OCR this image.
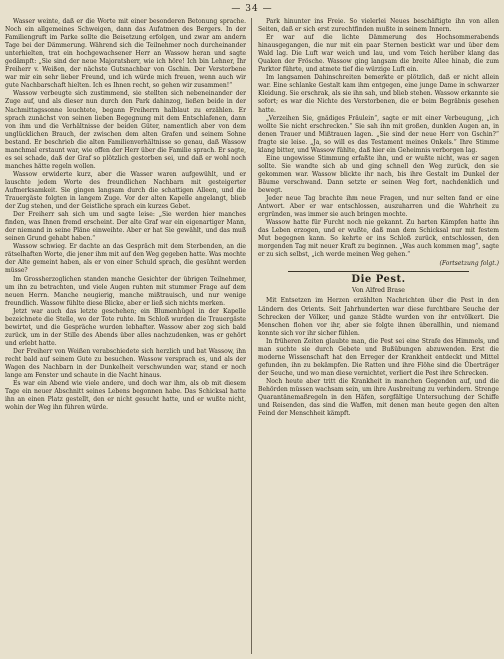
— 34 —

Wasser weinte, daß er die Worte mit einer besonderen Betonung sprache. Noch ein allgemeines Schweigen, dann das Aufatmen des Bergers. In der Familiengruft im Parke sollte die Beisetzung erfolgen, und zwar am andern Tage bei der Dämmerung. Während sich die Teilnehmer noch durcheinander unterhielten, trat ein hochgewachsener Herr an Wassow heran und sagte gedämpft: „Sie sind der neue Majoratsherr, wie ich höre! Ich bin Lehner, Ihr Freiherr v. Weißen, der nächste Gutsnachbar von Gschin. Der Verstorbene war mir ein sehr lieber Freund, und ich würde mich freuen, wenn auch wir gute Nachbarschaft hielten. Ich es Ihnen recht, so gehen wir zusammen!“

Wassow verbeugte sich zustimmend, sie stellten sich nebeneinander der Zuge auf, und als dieser nun durch den Park dahinzog, ließen beide in der Nachmittagssonne leuchtete, begann Freiherrn halblaut zu erzählen. Er sprach zunächst von seinen lieben Begegnung mit dem Entschlafenen, dann von ihm und die Verhältnisse der beiden Güter, namentlich aber von dem unglücklichen Brauch, der zwischen dem alten Grafen und seinem Sohne bestand. Er beschrieb die alten Familienverhältnisse so genau, daß Wassow manchmal erstaunt war, wie offen der Herr über die Familie sprach. Er sagte, es sei schade, daß der Graf so plötzlich gestorben sei, und daß er wohl noch manches hätte regeln wollen.

Wassow erwiderte kurz, aber die Wasser waren aufgewühlt, und er lauschte jedem Worte des freundlichen Nachbarn mit gesteigerter Aufmerksamkeit. Sie gingen langsam durch die schattigen Alleen, und die Trauergäste folgten in langem Zuge. Vor der alten Kapelle angelangt, blieb der Zug stehen, und der Geistliche sprach ein kurzes Gebet.

Der Freiherr sah sich um und sagte leise: „Sie werden hier manches finden, was Ihnen fremd erscheint. Der alte Graf war ein eigenartiger Mann, der niemand in seine Pläne einweihte. Aber er hat Sie gewählt, und das muß seinen Grund gehabt haben.“

Wassow schwieg. Er dachte an das Gespräch mit dem Sterbenden, an die rätselhaften Worte, die jener ihm mit auf den Weg gegeben hatte. Was mochte der Alte gemeint haben, als er von einer Schuld sprach, die gesühnt werden müsse?

Im Grossherzoglichen standen manche Gesichter der übrigen Teilnehmer, um ihn zu betrachten, und viele Augen ruhten mit stummer Frage auf dem neuen Herrn. Manche neugierig, manche mißtrauisch, und nur wenige freundlich. Wassow fühlte diese Blicke, aber er ließ sich nichts merken.

Jetzt war auch das letzte geschehen; ein Blumenhügel in der Kapelle bezeichnete die Stelle, wo der Tote ruhte. Im Schloß wurden die Trauergäste bewirtet, und die Gespräche wurden lebhafter. Wassow aber zog sich bald zurück, um in der Stille des Abends über alles nachzudenken, was er gehört und erlebt hatte.

Der Freiherr von Weißen verabschiedete sich herzlich und bat Wassow, ihn recht bald auf seinem Gute zu besuchen. Wassow versprach es, und als der Wagen des Nachbarn in der Dunkelheit verschwunden war, stand er noch lange am Fenster und schaute in die Nacht hinaus.

Es war ein Abend wie viele andere, und doch war ihm, als ob mit diesem Tage ein neuer Abschnitt seines Lebens begonnen habe. Das Schicksal hatte ihn an einen Platz gestellt, den er nicht gesucht hatte, und er wußte nicht, wohin der Weg ihn führen würde.

Park hinunter ins Freie. So vielerlei Neues beschäftigte ihn von allen Seiten, daß er sich erst zurechtfinden mußte in seinem Innern.

Er war auf die lichte Dämmerung des Hochsommerabends hinausgegangen, die nur mit ein paar Sternen bestickt war und über dem Wald lag. Die Luft war weich und lau, und vom Teich herüber klang das Quaken der Frösche. Wassow ging langsam die breite Allee hinab, die zum Parktor führte, und atmete tief die würzige Luft ein.

Im langsamen Dahinschreiten bemerkte er plötzlich, daß er nicht allein war. Eine schlanke Gestalt kam ihm entgegen, eine junge Dame in schwarzer Kleidung. Sie erschrak, als sie ihn sah, und blieb stehen. Wassow erkannte sie sofort; es war die Nichte des Verstorbenen, die er beim Begräbnis gesehen hatte.

„Verzeihen Sie, gnädiges Fräulein“, sagte er mit einer Verbeugung, „ich wollte Sie nicht erschrecken.“ Sie sah ihn mit großen, dunklen Augen an, in denen Trauer und Mißtrauen lagen. „Sie sind der neue Herr von Gschin?“ fragte sie leise. „Ja, so will es das Testament meines Onkels.“ Ihre Stimme klang bitter, und Wassow fühlte, daß hier ein Geheimnis verborgen lag.

Eine ungewisse Stimmung erfaßte ihn, und er wußte nicht, was er sagen sollte. Sie wandte sich ab und ging schnell den Weg zurück, den sie gekommen war. Wassow blickte ihr nach, bis ihre Gestalt im Dunkel der Bäume verschwand. Dann setzte er seinen Weg fort, nachdenklich und bewegt.

Jeder neue Tag brachte ihm neue Fragen, und nur selten fand er eine Antwort. Aber er war entschlossen, auszuharren und die Wahrheit zu ergründen, was immer sie auch bringen mochte.

Wassow hatte für Furcht noch nie gekannt. Zu harten Kämpfen hatte ihn das Leben erzogen, und er wußte, daß man dem Schicksal nur mit festem Mut begegnen kann. So kehrte er ins Schloß zurück, entschlossen, den morgenden Tag mit neuer Kraft zu beginnen. „Was auch kommen mag“, sagte er zu sich selbst, „ich werde meinen Weg gehen.“

(Fortsetzung folgt.)
Die Pest.
Von Alfred Brase

Mit Entsetzen im Herzen erzählten Nachrichten über die Pest in den Ländern des Orients. Seit Jahrhunderten war diese furchtbare Seuche der Schrecken der Völker, und ganze Städte wurden von ihr entvölkert. Die Menschen flohen vor ihr, aber sie folgte ihnen überallhin, und niemand konnte sich vor ihr sicher fühlen.

In früheren Zeiten glaubte man, die Pest sei eine Strafe des Himmels, und man suchte sie durch Gebete und Bußübungen abzuwenden. Erst die moderne Wissenschaft hat den Erreger der Krankheit entdeckt und Mittel gefunden, ihn zu bekämpfen. Die Ratten und ihre Flöhe sind die Überträger der Seuche, und wo man diese vernichtet, verliert die Pest ihre Schrecken.

Noch heute aber tritt die Krankheit in manchen Gegenden auf, und die Behörden müssen wachsam sein, um ihre Ausbreitung zu verhindern. Strenge Quarantänemaßregeln in den Häfen, sorgfältige Untersuchung der Schiffe und Reisenden, das sind die Waffen, mit denen man heute gegen den alten Feind der Menschheit kämpft.
